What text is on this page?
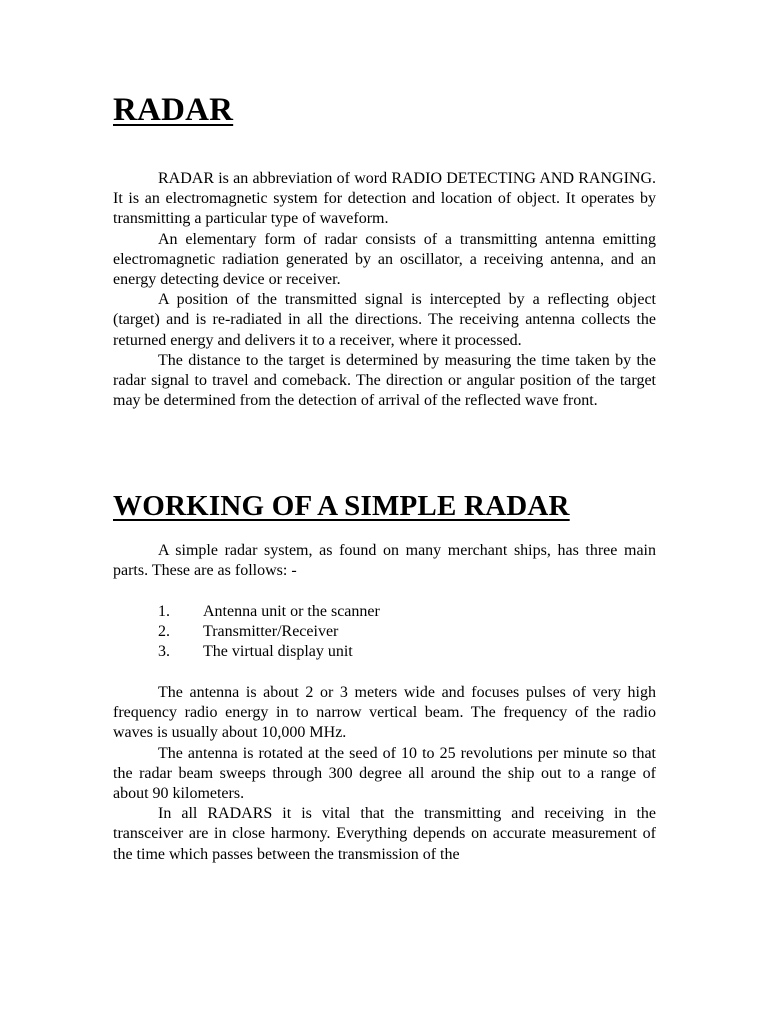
RADAR

RADAR is an abbreviation of word RADIO DETECTING AND RANGING. It is an electromagnetic system for detection and location of object. It operates by transmitting a particular type of waveform.

An elementary form of radar consists of a transmitting antenna emitting electromagnetic radiation generated by an oscillator, a receiving antenna, and an energy detecting device or receiver.

A position of the transmitted signal is intercepted by a reflecting object (target) and is re-radiated in all the directions. The receiving antenna collects the returned energy and delivers it to a receiver, where it processed.

The distance to the target is determined by measuring the time taken by the radar signal to travel and comeback. The direction or angular position of the target may be determined from the detection of arrival of the reflected wave front.

WORKING OF A SIMPLE RADAR

A simple radar system, as found on many merchant ships, has three main parts. These are as follows: -

1. Antenna unit or the scanner
2. Transmitter/Receiver
3. The virtual display unit

The antenna is about 2 or 3 meters wide and focuses pulses of very high frequency radio energy in to narrow vertical beam. The frequency of the radio waves is usually about 10,000 MHz.

The antenna is rotated at the seed of 10 to 25 revolutions per minute so that the radar beam sweeps through 300 degree all around the ship out to a range of about 90 kilometers.

In all RADARS it is vital that the transmitting and receiving in the transceiver are in close harmony. Everything depends on accurate measurement of the time which passes between the transmission of the
